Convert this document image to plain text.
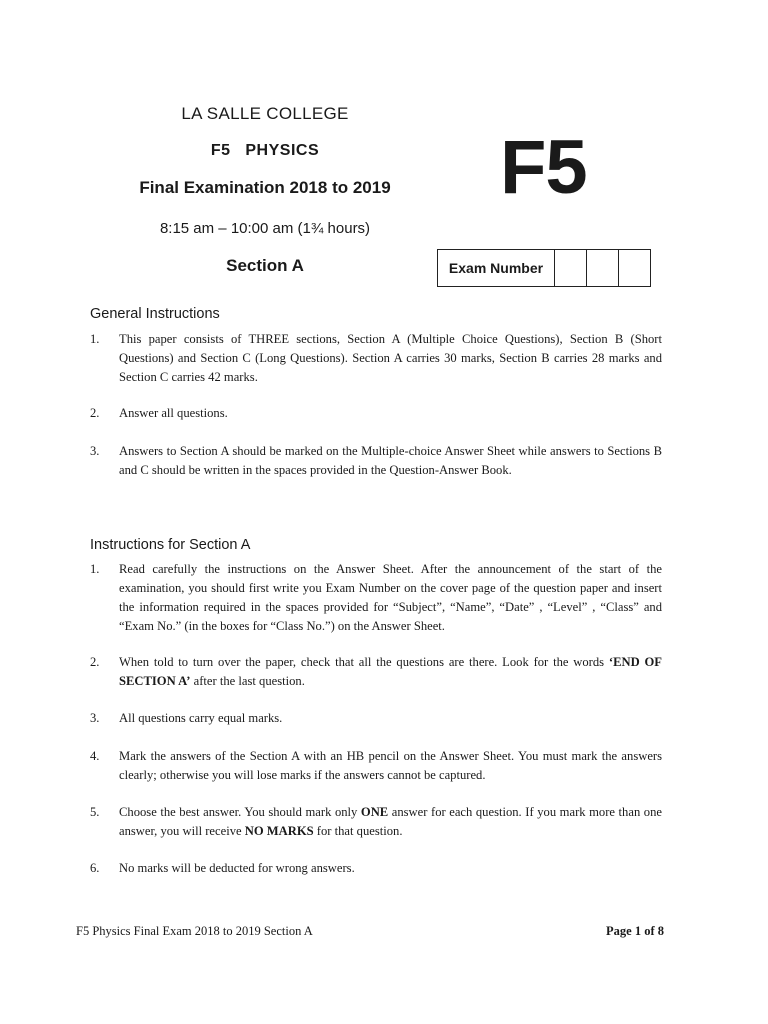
LA SALLE COLLEGE
F5   PHYSICS
Final Examination 2018 to 2019
8:15 am – 10:00 am (1¾ hours)
Section A
F5
Exam Number
General Instructions
1.	This paper consists of THREE sections, Section A (Multiple Choice Questions), Section B (Short Questions) and Section C (Long Questions). Section A carries 30 marks, Section B carries 28 marks and Section C carries 42 marks.
2.	Answer all questions.
3.	Answers to Section A should be marked on the Multiple-choice Answer Sheet while answers to Sections B and C should be written in the spaces provided in the Question-Answer Book.
Instructions for Section A
1.	Read carefully the instructions on the Answer Sheet. After the announcement of the start of the examination, you should first write you Exam Number on the cover page of the question paper and insert the information required in the spaces provided for “Subject”, “Name”, “Date” , “Level” , “Class” and “Exam No.” (in the boxes for “Class No.”) on the Answer Sheet.
2.	When told to turn over the paper, check that all the questions are there. Look for the words ‘END OF SECTION A’ after the last question.
3.	All questions carry equal marks.
4.	Mark the answers of the Section A with an HB pencil on the Answer Sheet. You must mark the answers clearly; otherwise you will lose marks if the answers cannot be captured.
5.	Choose the best answer. You should mark only ONE answer for each question. If you mark more than one answer, you will receive NO MARKS for that question.
6.	No marks will be deducted for wrong answers.
F5 Physics Final Exam 2018 to 2019 Section A	Page 1 of 8
